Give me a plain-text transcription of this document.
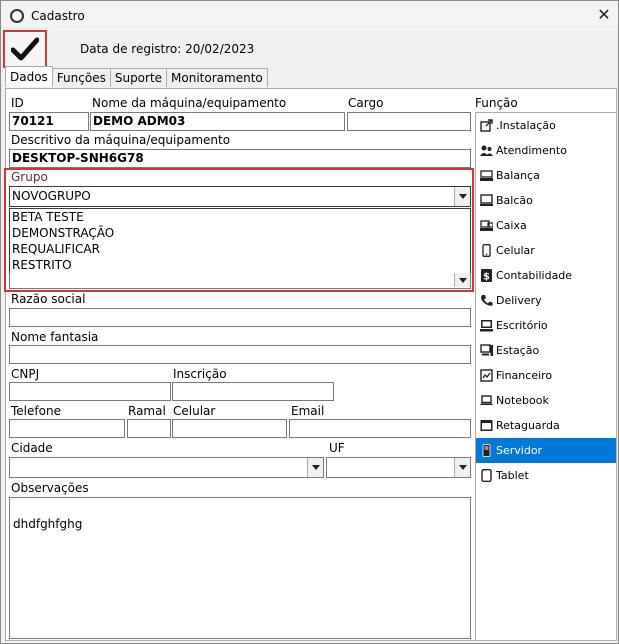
Cadastro	✕
Data de registro: 20/02/2023
Dados Funções Suporte Monitoramento
ID	Nome da máquina/equipamento	Cargo	Função
70121	DEMO ADM03
Descritivo da máquina/equipamento
DESKTOP-SNH6G78
Grupo
NOVOGRUPO
BETA TESTE
DEMONSTRAÇÃO
REQUALIFICAR
RESTRITO
Razão social
Nome fantasia
CNPJ	Inscrição
Telefone	Ramal Celular	Email
Cidade	UF
Observações
dhdfghfghg
.Instalação
Atendimento
Balança
Balcão
Caixa
Celular
$ Contabilidade
Delivery
Escritório
Estação
Financeiro
Notebook
Retaguarda
Servidor
Tablet
